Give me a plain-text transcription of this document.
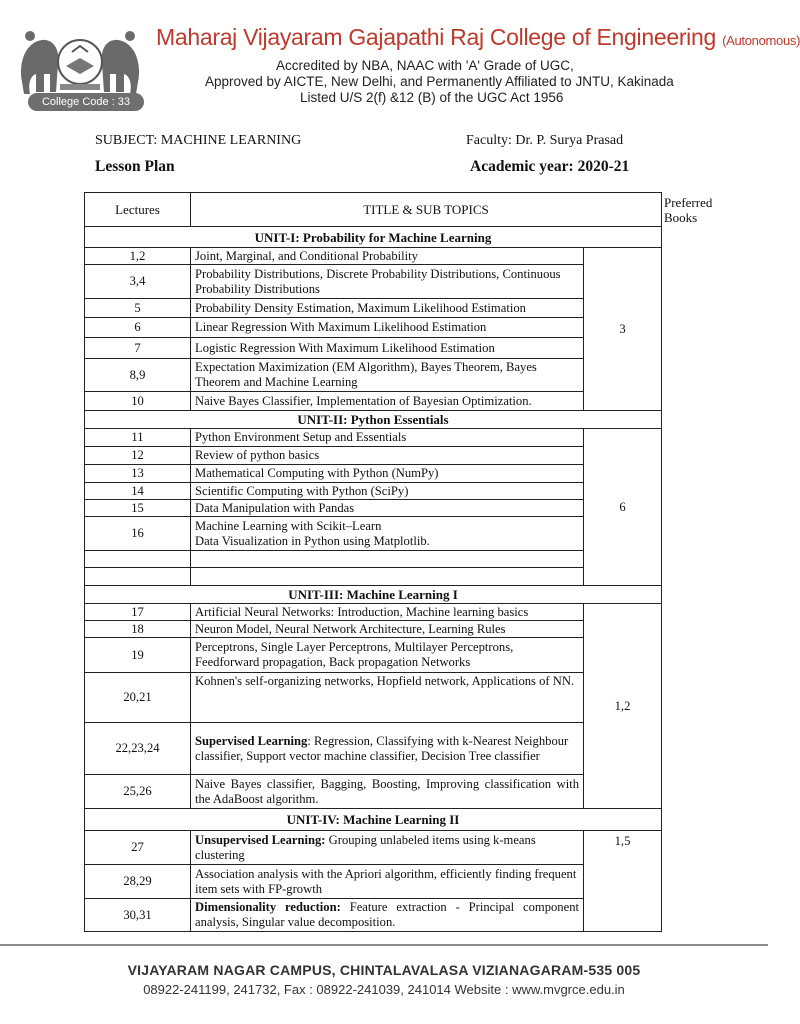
College Code : 33
Maharaj Vijayaram Gajapathi Raj College of Engineering (Autonomous)
Accredited by NBA, NAAC with 'A' Grade of UGC,
Approved by AICTE, New Delhi, and Permanently Affiliated to JNTU, Kakinada
Listed U/S 2(f) &12 (B) of the UGC Act 1956
SUBJECT: MACHINE LEARNING	Faculty: Dr. P. Surya Prasad
Lesson Plan	Academic year: 2020-21
Lectures	TITLE & SUB TOPICS	Preferred Books
UNIT-I: Probability for Machine Learning		
1,2	Joint, Marginal, and Conditional Probability	3
3,4	Probability Distributions, Discrete Probability Distributions, Continuous Probability Distributions	
5	Probability Density Estimation, Maximum Likelihood Estimation	
6	Linear Regression With Maximum Likelihood Estimation	
7	Logistic Regression With Maximum Likelihood Estimation	
8,9	Expectation Maximization (EM Algorithm), Bayes Theorem, Bayes Theorem and Machine Learning	
10	Naive Bayes Classifier, Implementation of Bayesian Optimization.	
UNIT-II: Python Essentials		
11	Python Environment Setup and Essentials	6
12	Review of python basics	
13	Mathematical Computing with Python (NumPy)	
14	Scientific Computing with Python (SciPy)	
15	Data Manipulation with Pandas	
16	Machine Learning with Scikit–Learn
Data Visualization in Python using Matplotlib.	

UNIT-III: Machine Learning I		
17	Artificial Neural Networks: Introduction, Machine learning basics	1,2
18	Neuron Model, Neural Network Architecture, Learning Rules	
19	Perceptrons, Single Layer Perceptrons, Multilayer Perceptrons, Feedforward propagation, Back propagation Networks	
20,21	Kohnen's self-organizing networks, Hopfield network, Applications of NN.	
22,23,24	Supervised Learning: Regression, Classifying with k-Nearest Neighbour classifier, Support vector machine classifier, Decision Tree classifier	
25,26	Naive Bayes classifier, Bagging, Boosting, Improving classification with the AdaBoost algorithm.	
UNIT-IV: Machine Learning II		
27	Unsupervised Learning: Grouping unlabeled items using k-means clustering	1,5
28,29	Association analysis with the Apriori algorithm, efficiently finding frequent item sets with FP-growth	
30,31	Dimensionality reduction: Feature extraction - Principal component analysis, Singular value decomposition.	
VIJAYARAM NAGAR CAMPUS, CHINTALAVALASA VIZIANAGARAM-535 005
08922-241199, 241732, Fax : 08922-241039, 241014 Website : www.mvgrce.edu.in
